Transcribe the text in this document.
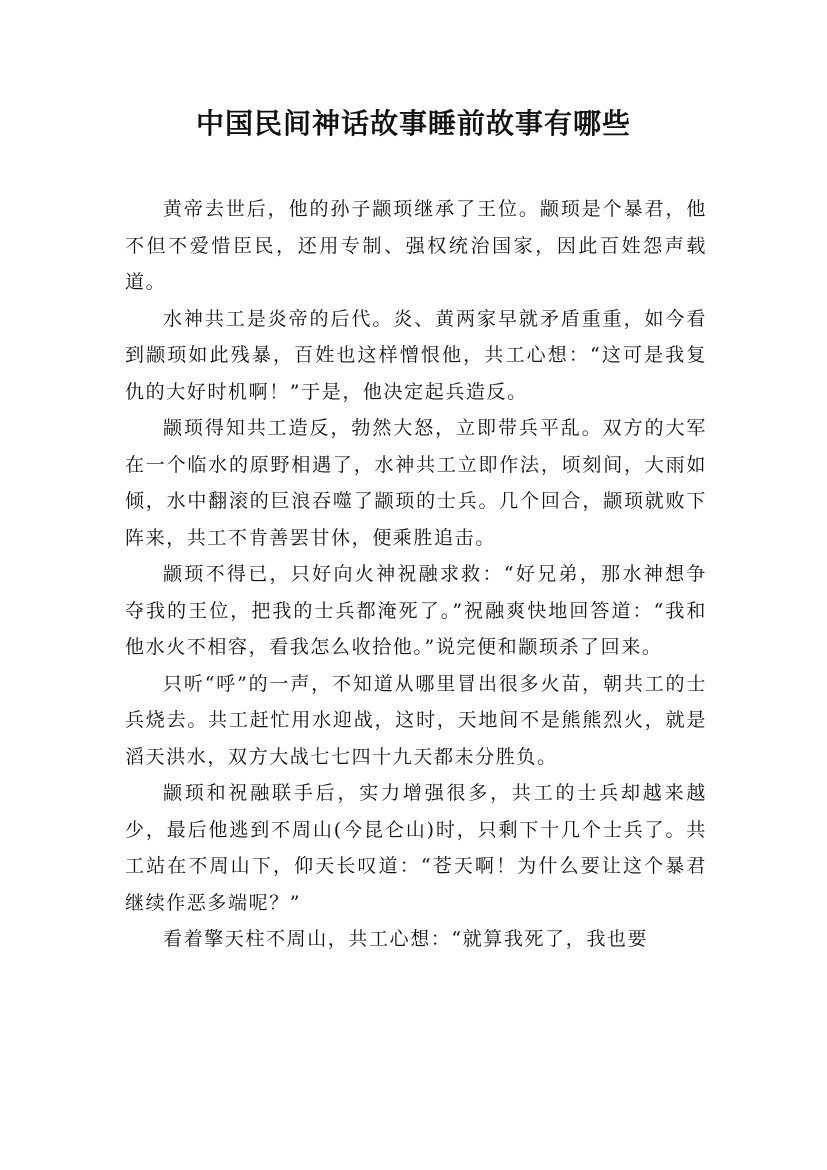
中国民间神话故事睡前故事有哪些

黄帝去世后，他的孙子颛顼继承了王位。颛顼是个暴君，他不但不爱惜臣民，还用专制、强权统治国家，因此百姓怨声载道。

水神共工是炎帝的后代。炎、黄两家早就矛盾重重，如今看到颛顼如此残暴，百姓也这样憎恨他，共工心想：“这可是我复仇的大好时机啊！”于是，他决定起兵造反。

颛顼得知共工造反，勃然大怒，立即带兵平乱。双方的大军在一个临水的原野相遇了，水神共工立即作法，顷刻间，大雨如倾，水中翻滚的巨浪吞噬了颛顼的士兵。几个回合，颛顼就败下阵来，共工不肯善罢甘休，便乘胜追击。

颛顼不得已，只好向火神祝融求救：“好兄弟，那水神想争夺我的王位，把我的士兵都淹死了。”祝融爽快地回答道：“我和他水火不相容，看我怎么收拾他。”说完便和颛顼杀了回来。

只听“呼”的一声，不知道从哪里冒出很多火苗，朝共工的士兵烧去。共工赶忙用水迎战，这时，天地间不是熊熊烈火，就是滔天洪水，双方大战七七四十九天都未分胜负。

颛顼和祝融联手后，实力增强很多，共工的士兵却越来越少，最后他逃到不周山(今昆仑山)时，只剩下十几个士兵了。共工站在不周山下，仰天长叹道：“苍天啊！为什么要让这个暴君继续作恶多端呢？”

看着擎天柱不周山，共工心想：“就算我死了，我也要
